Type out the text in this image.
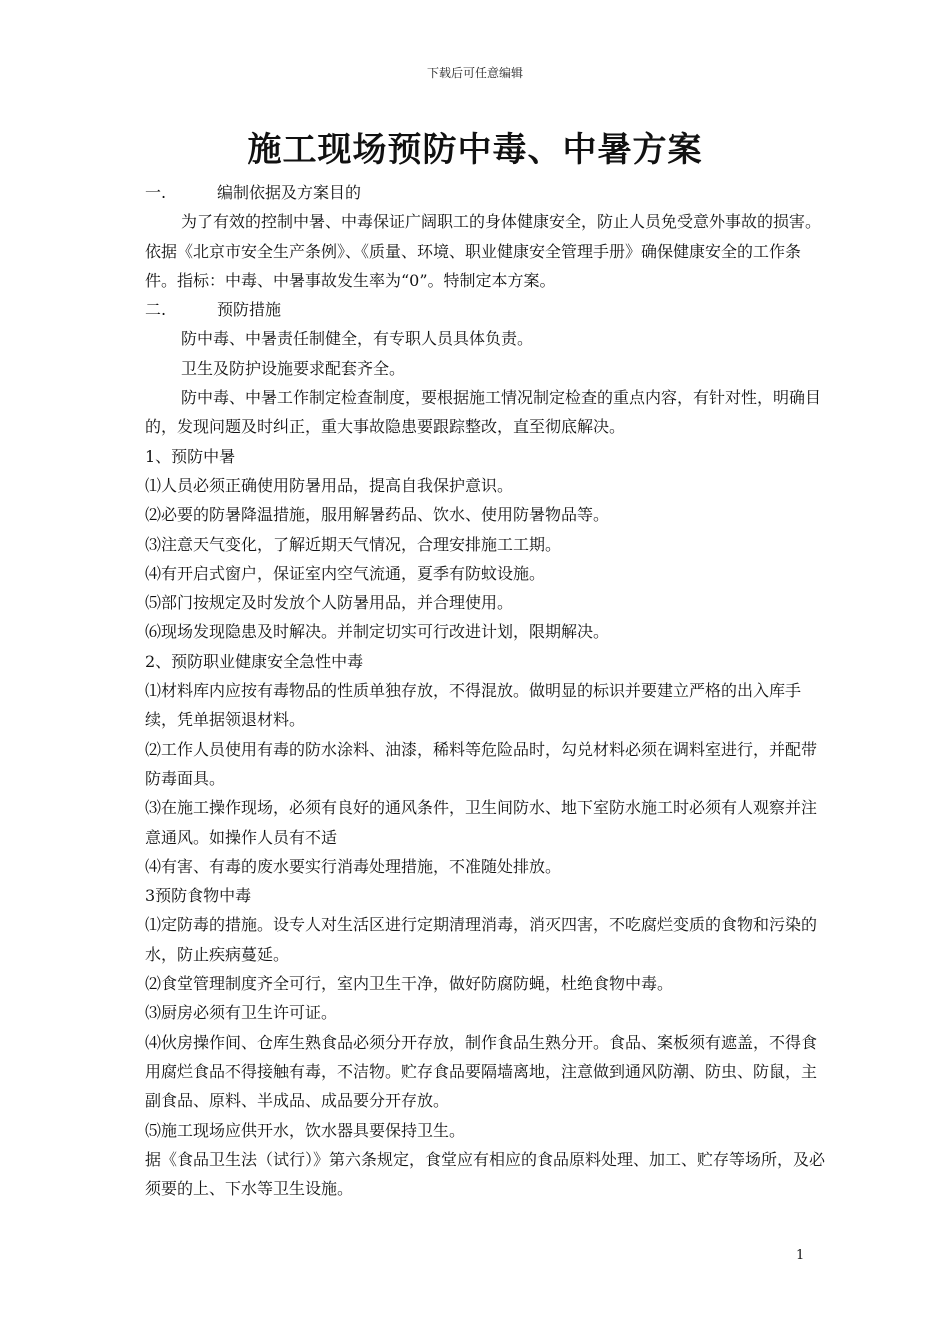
下载后可任意编辑
施工现场预防中毒、中暑方案
一.	编制依据及方案目的

为了有效的控制中暑、中毒保证广阔职工的身体健康安全，防止人员免受意外事故的损害。依据《北京市安全生产条例》、《质量、环境、职业健康安全管理手册》确保健康安全的工作条件。指标：中毒、中暑事故发生率为“0”。特制定本方案。

二.	预防措施

防中毒、中暑责任制健全，有专职人员具体负责。

卫生及防护设施要求配套齐全。

防中毒、中暑工作制定检查制度，要根据施工情况制定检查的重点内容，有针对性，明确目的，发现问题及时纠正，重大事故隐患要跟踪整改，直至彻底解决。

1、预防中暑

⑴人员必须正确使用防暑用品，提高自我保护意识。

⑵必要的防暑降温措施，服用解暑药品、饮水、使用防暑物品等。

⑶注意天气变化，了解近期天气情况，合理安排施工工期。

⑷有开启式窗户，保证室内空气流通，夏季有防蚊设施。

⑸部门按规定及时发放个人防暑用品，并合理使用。

⑹现场发现隐患及时解决。并制定切实可行改进计划，限期解决。

2、预防职业健康安全急性中毒

⑴材料库内应按有毒物品的性质单独存放，不得混放。做明显的标识并要建立严格的出入库手续，凭单据领退材料。

⑵工作人员使用有毒的防水涂料、油漆，稀料等危险品时，勾兑材料必须在调料室进行，并配带防毒面具。

⑶在施工操作现场，必须有良好的通风条件，卫生间防水、地下室防水施工时必须有人观察并注意通风。如操作人员有不适

⑷有害、有毒的废水要实行消毒处理措施，不准随处排放。

3预防食物中毒

⑴定防毒的措施。设专人对生活区进行定期清理消毒，消灭四害，不吃腐烂变质的食物和污染的水，防止疾病蔓延。

⑵食堂管理制度齐全可行，室内卫生干净，做好防腐防蝇，杜绝食物中毒。

⑶厨房必须有卫生许可证。

⑷伙房操作间、仓库生熟食品必须分开存放，制作食品生熟分开。食品、案板须有遮盖，不得食用腐烂食品不得接触有毒，不洁物。贮存食品要隔墙离地，注意做到通风防潮、防虫、防鼠，主副食品、原料、半成品、成品要分开存放。

⑸施工现场应供开水，饮水器具要保持卫生。

据《食品卫生法（试行）》第六条规定，食堂应有相应的食品原料处理、加工、贮存等场所，及必须要的上、下水等卫生设施。

1
